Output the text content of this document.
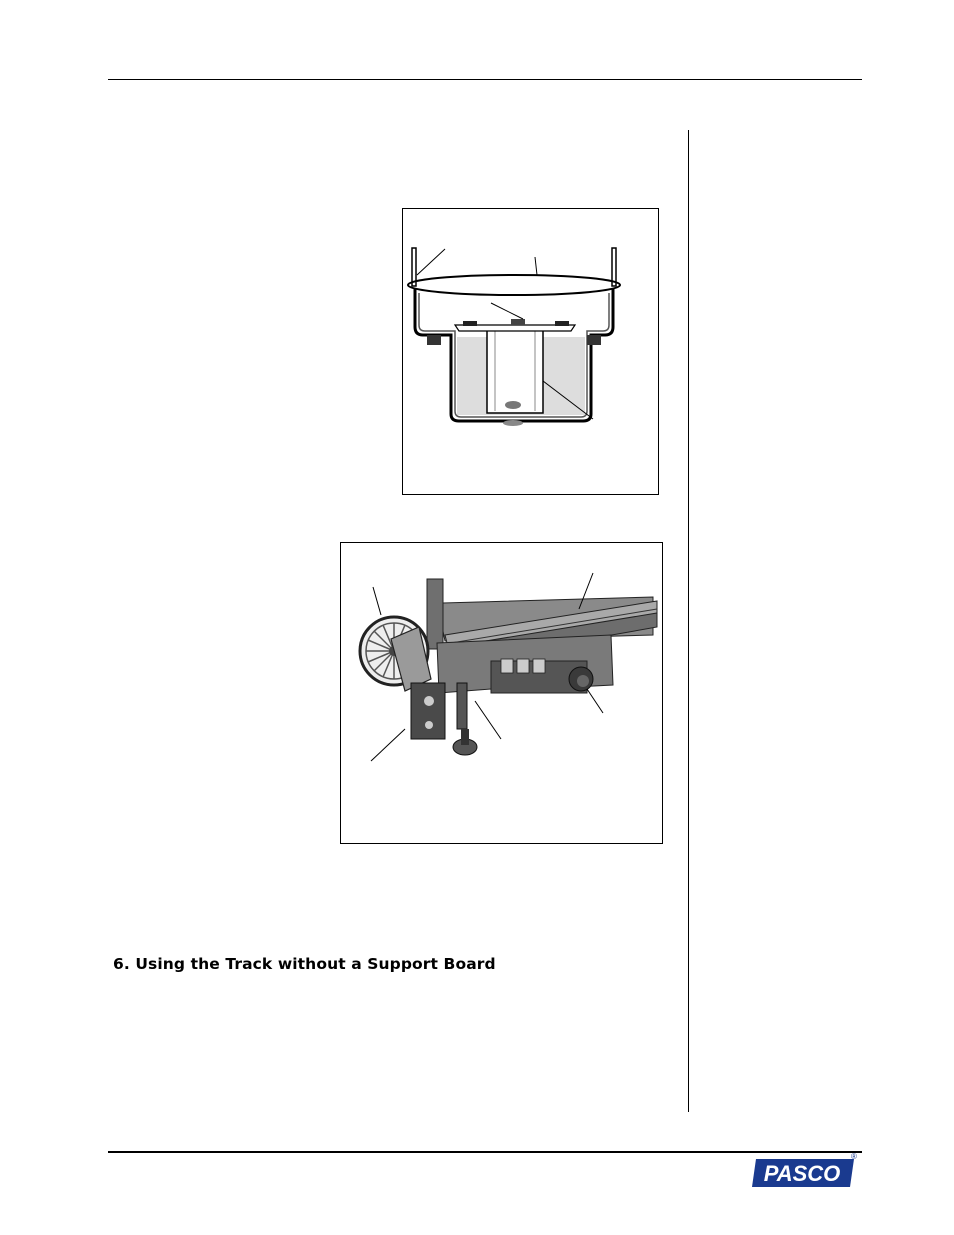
6. Using the Track without a Support Board
PASCO
®
